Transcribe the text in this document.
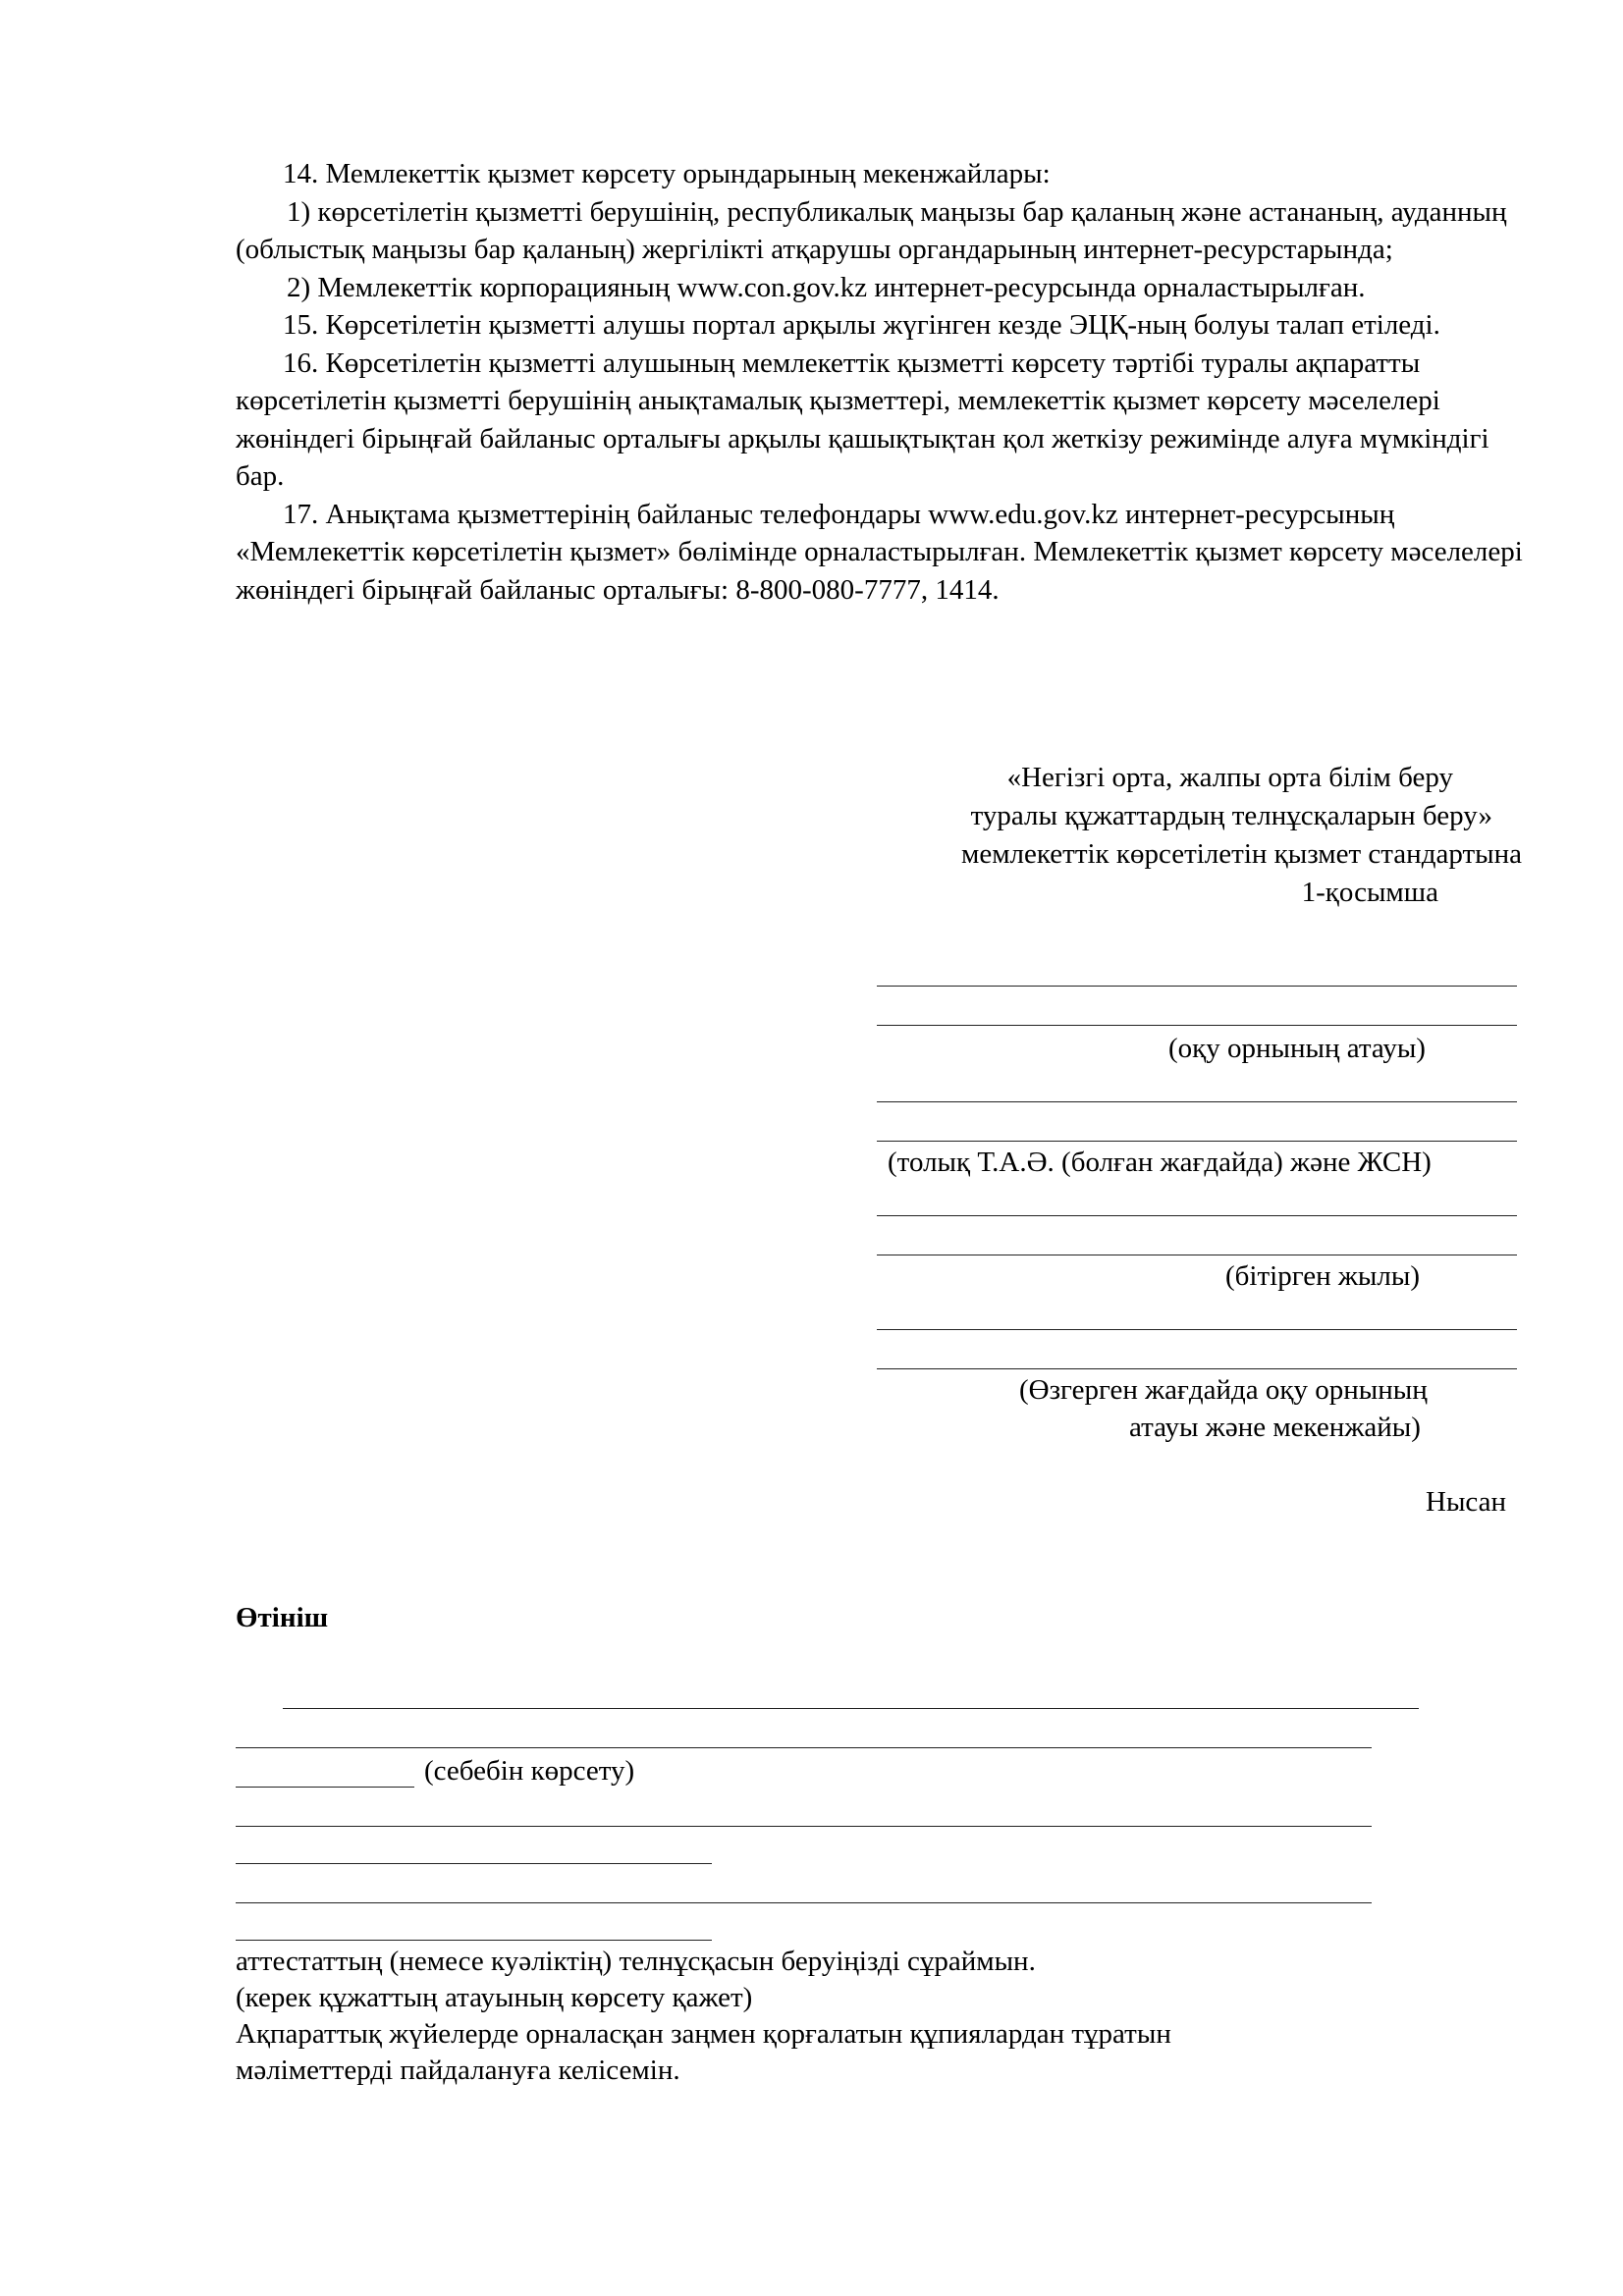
14. Мемлекеттік қызмет көрсету орындарының мекенжайлары:

1) көрсетілетін қызметті берушінің, республикалық маңызы бар қаланың және астананың, ауданның (облыстық маңызы бар қаланың) жергілікті атқарушы органдарының интернет-ресурстарында;

2) Мемлекеттік корпорацияның www.con.gov.kz интернет-ресурсында орналастырылған.

15. Көрсетілетін қызметті алушы портал арқылы жүгінген кезде ЭЦҚ-ның болуы талап етіледі.

16. Көрсетілетін қызметті алушының мемлекеттік қызметті көрсету тәртібі туралы ақпаратты көрсетілетін қызметті берушінің анықтамалық қызметтері, мемлекеттік қызмет көрсету мәселелері жөніндегі бірыңғай байланыс орталығы арқылы қашықтықтан қол жеткізу режимінде алуға мүмкіндігі бар.

17. Анықтама қызметтерінің байланыс телефондары www.edu.gov.kz интернет-ресурсының «Мемлекеттік көрсетілетін қызмет» бөлімінде орналастырылған. Мемлекеттік қызмет көрсету мәселелері жөніндегі бірыңғай байланыс орталығы: 8-800-080-7777, 1414.

«Негізгі орта, жалпы орта білім беру
туралы құжаттардың телнұсқаларын беру»
мемлекеттік көрсетілетін қызмет стандартына
1-қосымша
(оқу орнының атауы)
(толық Т.А.Ә. (болған жағдайда) және ЖСН)
(бітірген жылы)
(Өзгерген жағдайда оқу орнының
атауы және мекенжайы)
Нысан
Өтініш
(себебін көрсету)
аттестаттың (немесе куәліктің) телнұсқасын беруіңізді сұраймын.
(керек құжаттың атауының көрсету қажет)
Ақпараттық жүйелерде орналасқан заңмен қорғалатын құпиялардан тұратын мәліметтерді пайдалануға келісемін.
